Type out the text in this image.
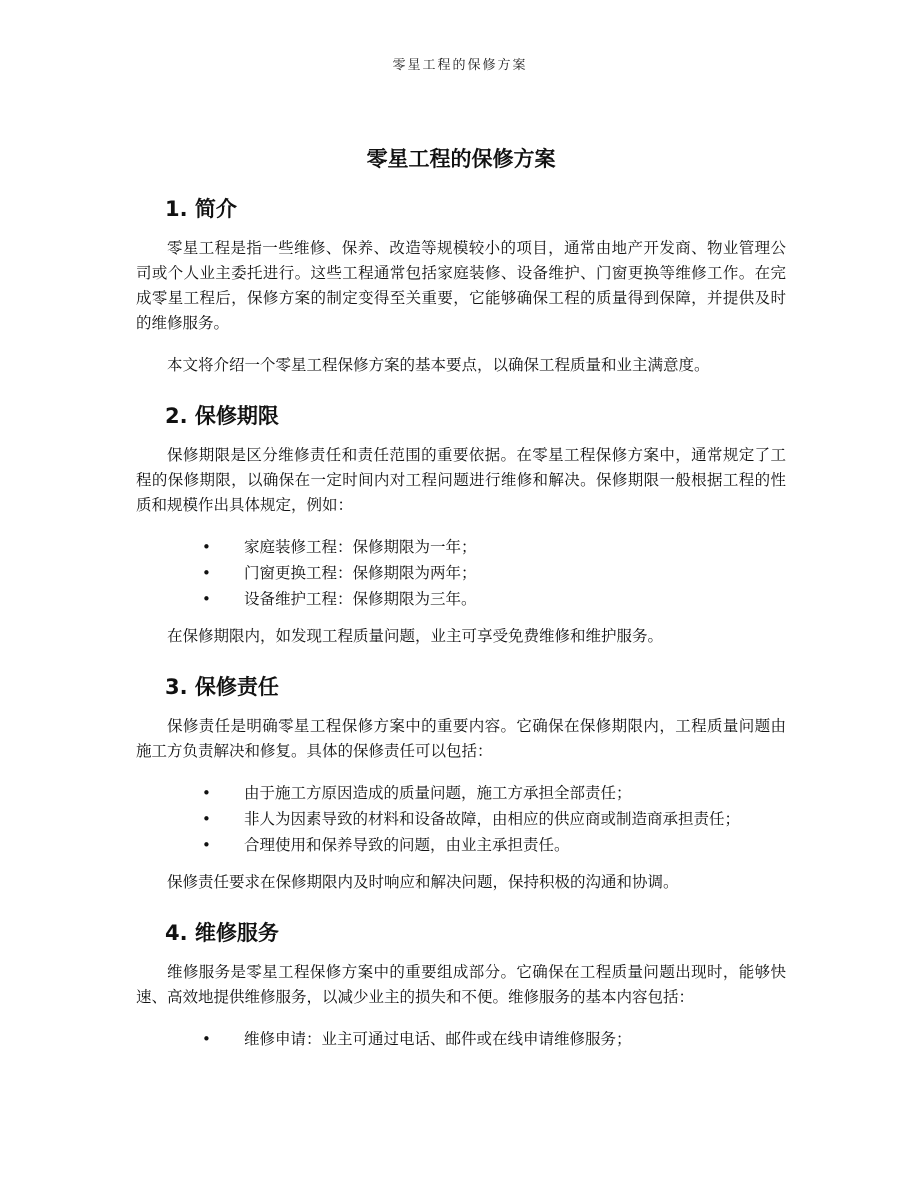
零星工程的保修方案
零星工程的保修方案
1. 简介

零星工程是指一些维修、保养、改造等规模较小的项目，通常由地产开发商、物业管理公司或个人业主委托进行。这些工程通常包括家庭装修、设备维护、门窗更换等维修工作。在完成零星工程后，保修方案的制定变得至关重要，它能够确保工程的质量得到保障，并提供及时的维修服务。

本文将介绍一个零星工程保修方案的基本要点，以确保工程质量和业主满意度。

2. 保修期限

保修期限是区分维修责任和责任范围的重要依据。在零星工程保修方案中，通常规定了工程的保修期限，以确保在一定时间内对工程问题进行维修和解决。保修期限一般根据工程的性质和规模作出具体规定，例如：

• 家庭装修工程：保修期限为一年；
• 门窗更换工程：保修期限为两年；
• 设备维护工程：保修期限为三年。

在保修期限内，如发现工程质量问题，业主可享受免费维修和维护服务。

3. 保修责任

保修责任是明确零星工程保修方案中的重要内容。它确保在保修期限内，工程质量问题由施工方负责解决和修复。具体的保修责任可以包括：

• 由于施工方原因造成的质量问题，施工方承担全部责任；
• 非人为因素导致的材料和设备故障，由相应的供应商或制造商承担责任；
• 合理使用和保养导致的问题，由业主承担责任。

保修责任要求在保修期限内及时响应和解决问题，保持积极的沟通和协调。

4. 维修服务

维修服务是零星工程保修方案中的重要组成部分。它确保在工程质量问题出现时，能够快速、高效地提供维修服务，以减少业主的损失和不便。维修服务的基本内容包括：

• 维修申请：业主可通过电话、邮件或在线申请维修服务；
